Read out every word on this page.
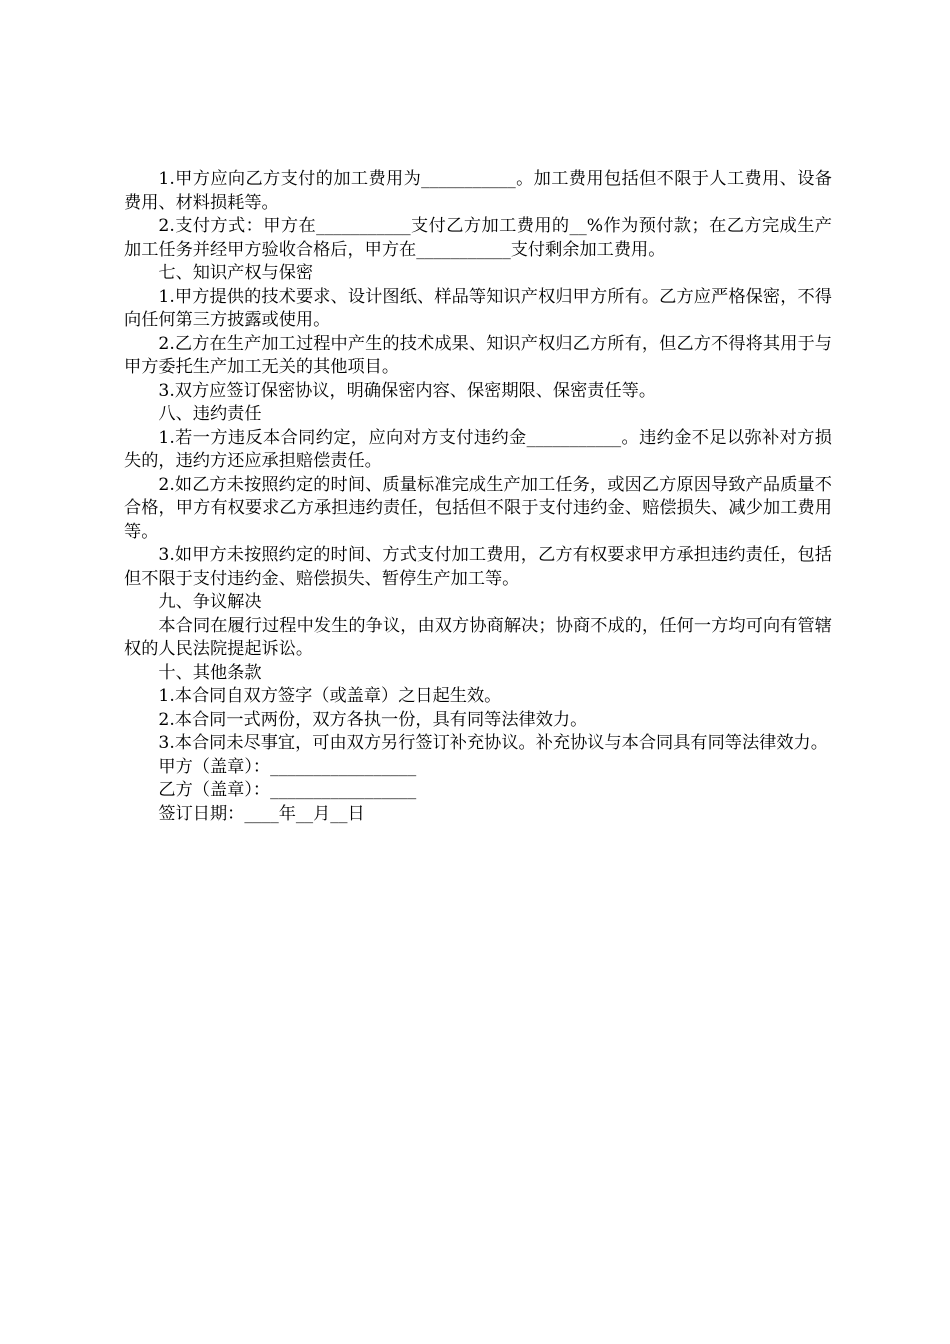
1.甲方应向乙方支付的加工费用为___________。加工费用包括但不限于人工费用、设备费用、材料损耗等。

2.支付方式：甲方在___________支付乙方加工费用的__%作为预付款；在乙方完成生产加工任务并经甲方验收合格后，甲方在___________支付剩余加工费用。

七、知识产权与保密

1.甲方提供的技术要求、设计图纸、样品等知识产权归甲方所有。乙方应严格保密，不得向任何第三方披露或使用。

2.乙方在生产加工过程中产生的技术成果、知识产权归乙方所有，但乙方不得将其用于与甲方委托生产加工无关的其他项目。

3.双方应签订保密协议，明确保密内容、保密期限、保密责任等。

八、违约责任

1.若一方违反本合同约定，应向对方支付违约金___________。违约金不足以弥补对方损失的，违约方还应承担赔偿责任。

2.如乙方未按照约定的时间、质量标准完成生产加工任务，或因乙方原因导致产品质量不合格，甲方有权要求乙方承担违约责任，包括但不限于支付违约金、赔偿损失、减少加工费用等。

3.如甲方未按照约定的时间、方式支付加工费用，乙方有权要求甲方承担违约责任，包括但不限于支付违约金、赔偿损失、暂停生产加工等。

九、争议解决

本合同在履行过程中发生的争议，由双方协商解决；协商不成的，任何一方均可向有管辖权的人民法院提起诉讼。

十、其他条款

1.本合同自双方签字（或盖章）之日起生效。

2.本合同一式两份，双方各执一份，具有同等法律效力。

3.本合同未尽事宜，可由双方另行签订补充协议。补充协议与本合同具有同等法律效力。

甲方（盖章）：_________________

乙方（盖章）：_________________

签订日期：____年__月__日
